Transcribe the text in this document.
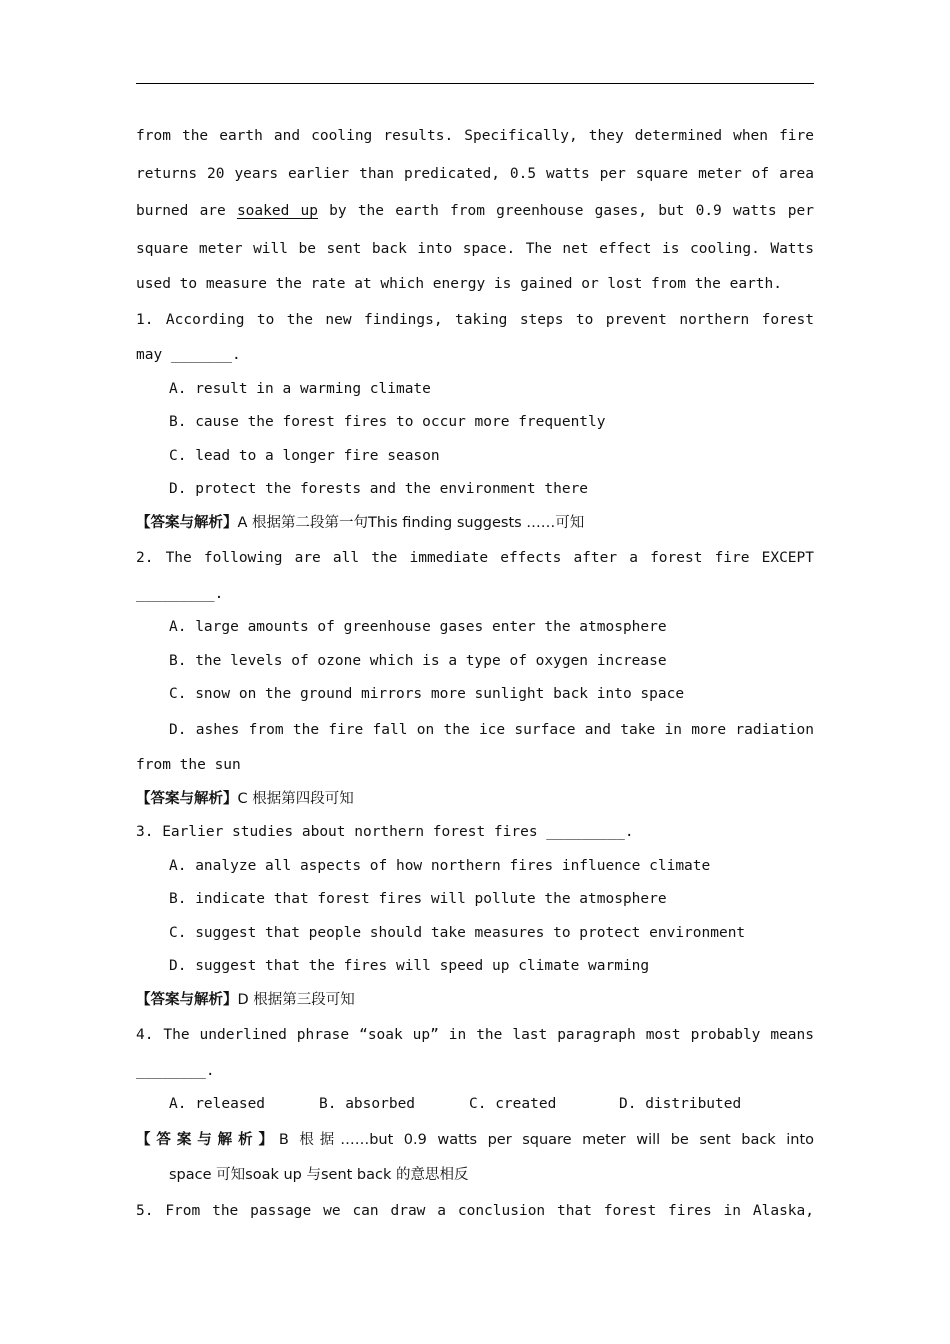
from the earth and cooling results. Specifically, they determined when fire
returns 20 years earlier than predicated, 0.5 watts per square meter of area
burned are soaked up by the earth from greenhouse gases, but 0.9 watts per
square meter will be sent back into space. The net effect is cooling. Watts
used to measure the rate at which energy is gained or lost from the earth.
1. According to the new findings, taking steps to prevent northern forest
may _______.
A. result in a warming climate
B. cause the forest fires to occur more frequently
C. lead to a longer fire season
D. protect the forests and the environment there
【答案与解析】A 根据第二段第一句This finding suggests ……可知
2. The following are all the immediate effects after a forest fire EXCEPT
_________.
A. large amounts of greenhouse gases enter the atmosphere
B. the levels of ozone which is a type of oxygen increase
C. snow on the ground mirrors more sunlight back into space
D. ashes from the fire fall on the ice surface and take in more radiation
from the sun
【答案与解析】C 根据第四段可知
3. Earlier studies about northern forest fires _________.
A. analyze all aspects of how northern fires influence climate
B. indicate that forest fires will pollute the atmosphere
C. suggest that people should take measures to protect environment
D. suggest that the fires will speed up climate warming
【答案与解析】D 根据第三段可知
4. The underlined phrase “soak up” in the last paragraph most probably means
________.
A. released	B. absorbed	C. created	D. distributed
【答案与解析】B 根据……but 0.9 watts per square meter will be sent back into
space 可知soak up 与sent back 的意思相反
5. From the passage we can draw a conclusion that forest fires in Alaska,
